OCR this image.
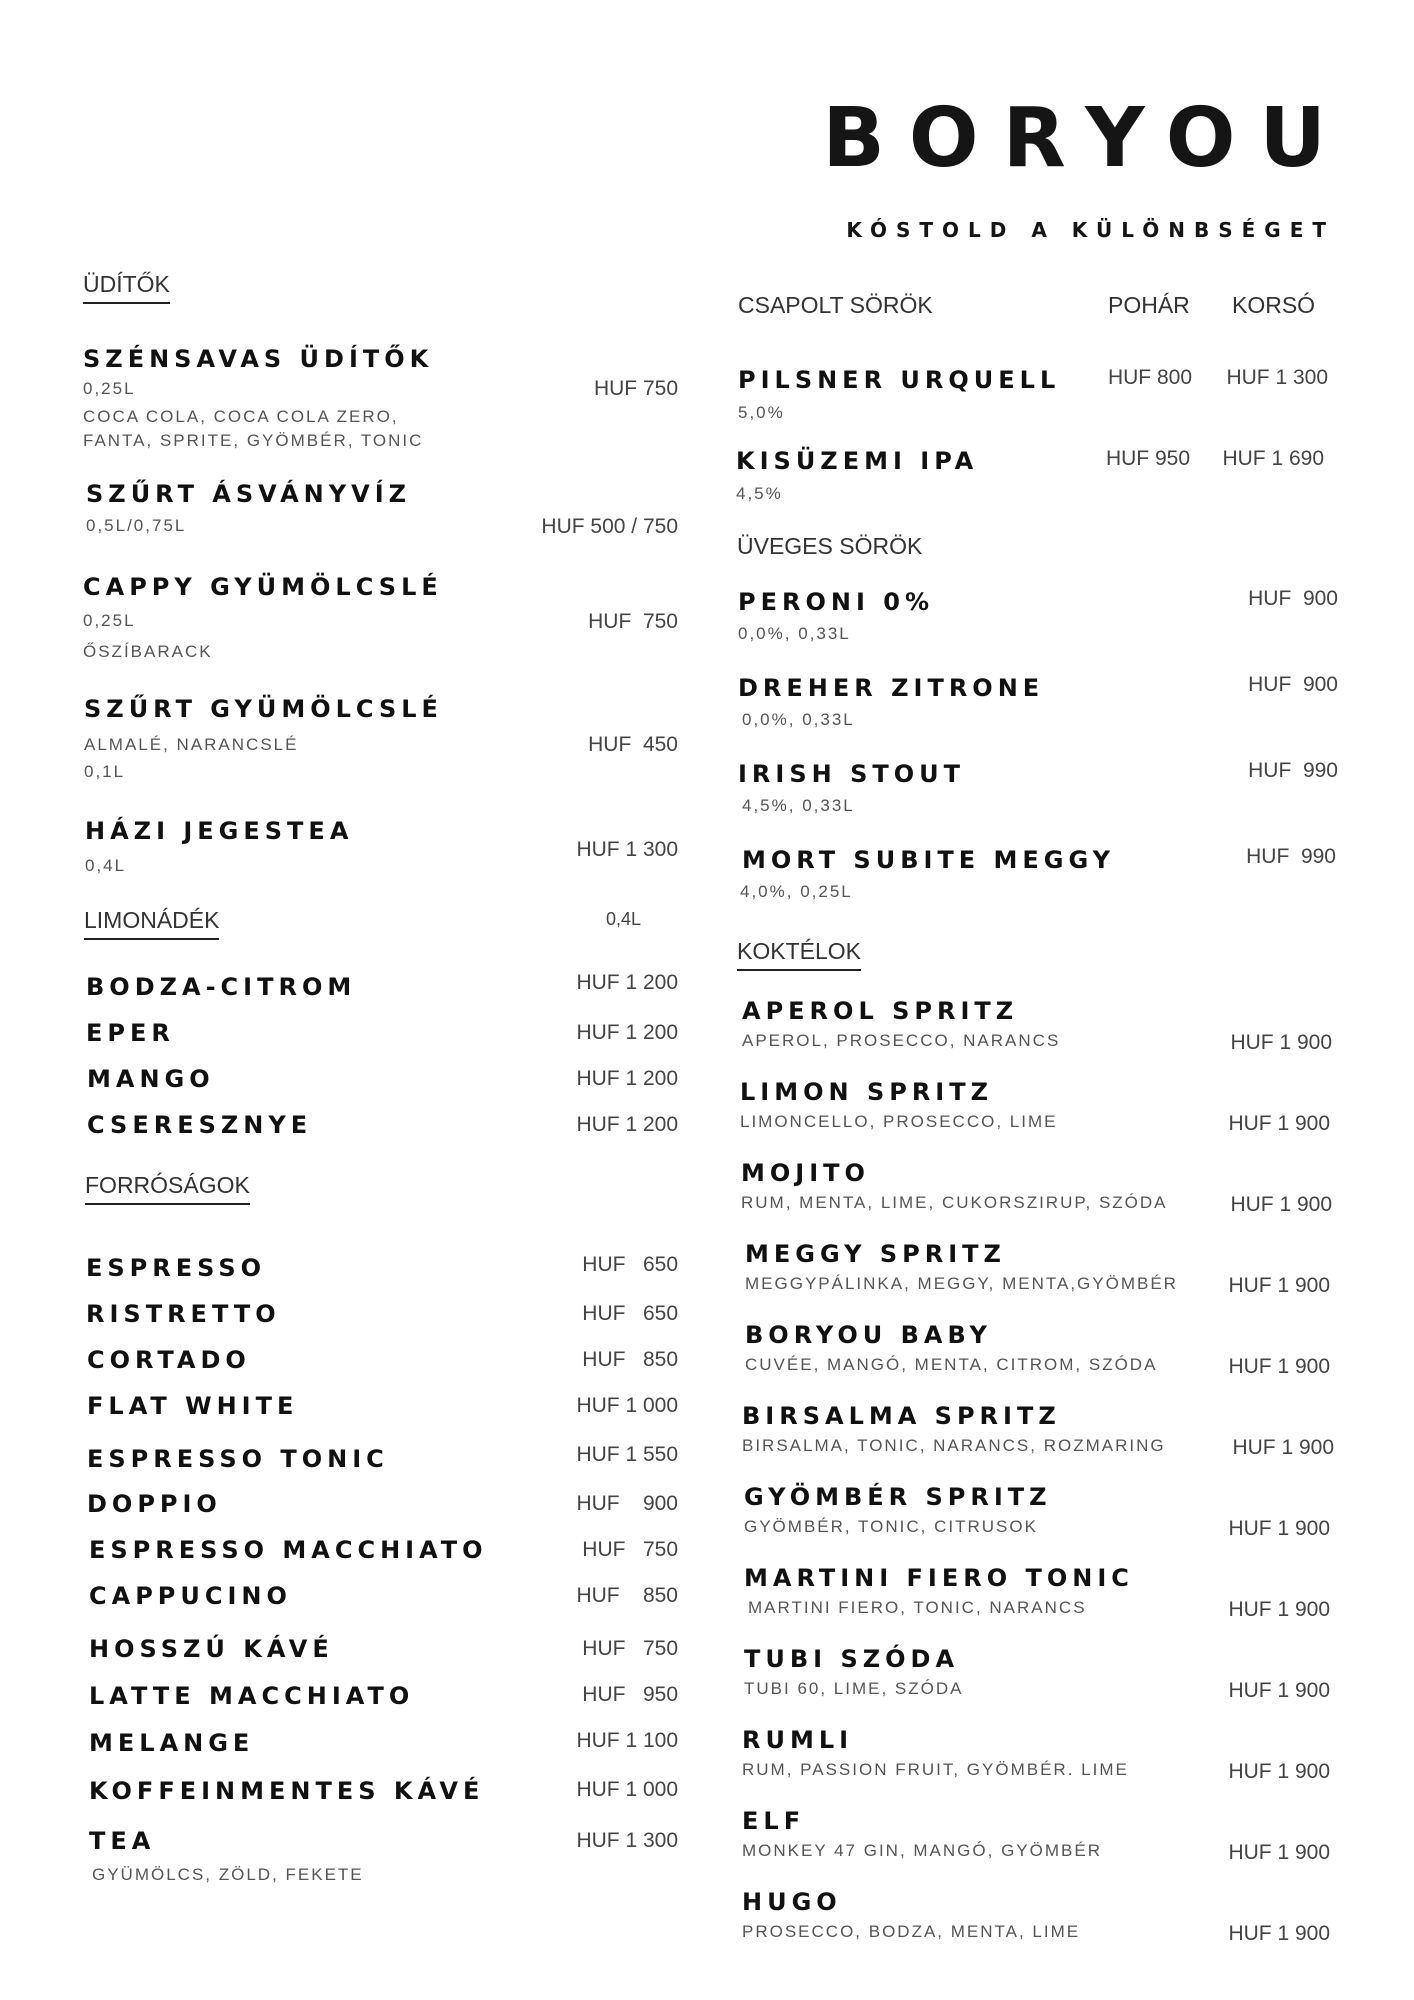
BORYOU
KÓSTOLD A KÜLÖNBSÉGET
ÜDÍTŐK
SZÉNSAVAS ÜDÍTŐK
0,25L
COCA COLA, COCA COLA ZERO,
FANTA, SPRITE, GYÖMBÉR, TONIC
HUF 750
SZŰRT ÁSVÁNYVÍZ
0,5L/0,75L	HUF 500 / 750
CAPPY GYÜMÖLCSLÉ
0,25L
ŐSZÍBARACK
HUF  750
SZŰRT GYÜMÖLCSLÉ
ALMALÉ, NARANCSLÉ
0,1L
HUF  450
HÁZI JEGESTEA
0,4L
HUF 1 300
LIMONÁDÉK	0,4L
BODZA-CITROM	HUF 1 200
EPER	HUF 1 200
MANGO	HUF 1 200
CSERESZNYE	HUF 1 200
FORRÓSÁGOK
ESPRESSO	HUF   650
RISTRETTO	HUF   650
CORTADO	HUF   850
FLAT WHITE	HUF 1 000
ESPRESSO TONIC	HUF 1 550
DOPPIO	HUF    900
ESPRESSO MACCHIATO	HUF   750
CAPPUCINO	HUF    850
HOSSZÚ KÁVÉ	HUF   750
LATTE MACCHIATO	HUF   950
MELANGE	HUF 1 100
KOFFEINMENTES KÁVÉ	HUF 1 000
TEA	HUF 1 300
GYÜMÖLCS, ZÖLD, FEKETE
CSAPOLT SÖRÖK	POHÁR KORSÓ
PILSNER URQUELL
5,0%
HUF 800 HUF 1 300
KISÜZEMI IPA
4,5%
HUF 950 HUF 1 690
ÜVEGES SÖRÖK
PERONI 0%
0,0%, 0,33L
HUF  900
DREHER ZITRONE
0,0%, 0,33L
HUF  900
IRISH STOUT
4,5%, 0,33L
HUF  990
MORT SUBITE MEGGY
4,0%, 0,25L
HUF  990
KOKTÉLOK
APEROL SPRITZ
APEROL, PROSECCO, NARANCS	HUF 1 900
LIMON SPRITZ
LIMONCELLO, PROSECCO, LIME	HUF 1 900
MOJITO
RUM, MENTA, LIME, CUKORSZIRUP, SZÓDA	HUF 1 900
MEGGY SPRITZ
MEGGYPÁLINKA, MEGGY, MENTA,GYÖMBÉR HUF 1 900
BORYOU BABY
CUVÉE, MANGÓ, MENTA, CITROM, SZÓDA	HUF 1 900
BIRSALMA SPRITZ
BIRSALMA, TONIC, NARANCS, ROZMARING	HUF 1 900
GYÖMBÉR SPRITZ
GYÖMBÉR, TONIC, CITRUSOK	HUF 1 900
MARTINI FIERO TONIC
MARTINI FIERO, TONIC, NARANCS	HUF 1 900
TUBI SZÓDA
TUBI 60, LIME, SZÓDA	HUF 1 900
RUMLI
RUM, PASSION FRUIT, GYÖMBÉR. LIME	HUF 1 900
ELF
MONKEY 47 GIN, MANGÓ, GYÖMBÉR	HUF 1 900
HUGO
PROSECCO, BODZA, MENTA, LIME	HUF 1 900
